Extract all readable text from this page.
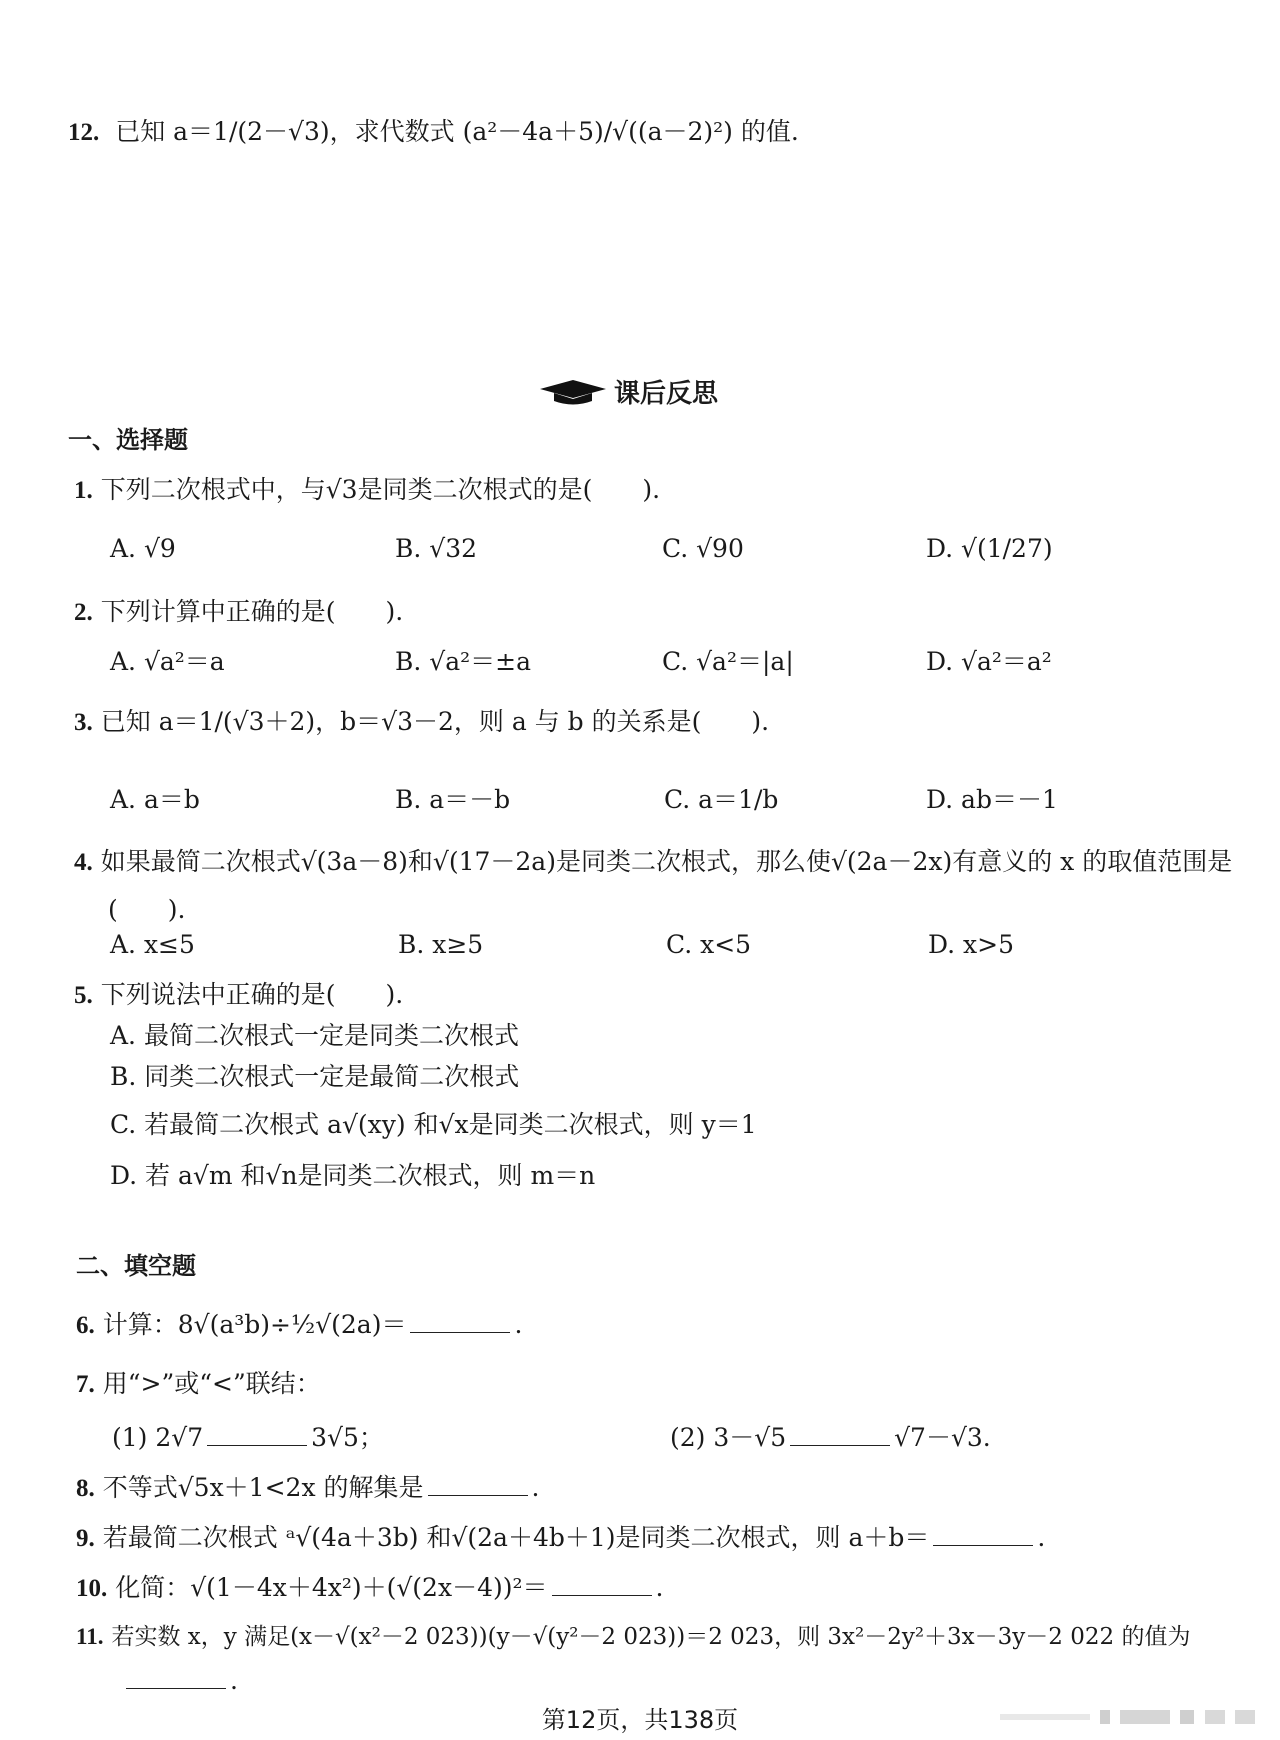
12. 已知 a＝1/(2－√3)，求代数式 (a²－4a＋5)/√((a－2)²) 的值.
课后反思
一、选择题
1. 下列二次根式中，与√3是同类二次根式的是(　　).
A. √9	B. √32	C. √90	D. √(1/27)
2. 下列计算中正确的是(　　).
A. √a²＝a	B. √a²＝±a	C. √a²＝|a|	D. √a²＝a²
3. 已知 a＝1/(√3＋2)，b＝√3－2，则 a 与 b 的关系是(　　).
A. a＝b	B. a＝－b	C. a＝1/b	D. ab＝－1
4. 如果最简二次根式√(3a－8)和√(17－2a)是同类二次根式，那么使√(2a－2x)有意义的 x 的取值范围是
(　　).
A. x≤5	B. x≥5	C. x<5	D. x>5
5. 下列说法中正确的是(　　).
A. 最简二次根式一定是同类二次根式
B. 同类二次根式一定是最简二次根式
C. 若最简二次根式 a√(xy) 和√x是同类二次根式，则 y＝1
D. 若 a√m 和√n是同类二次根式，则 m＝n
二、填空题
6. 计算：8√(a³b)÷½√(2a)＝	.
7. 用“>”或“<”联结：
(1) 2√7	3√5；	(2) 3－√5	√7－√3.
8. 不等式√5x＋1<2x 的解集是	.
9. 若最简二次根式 ᵃ√(4a＋3b) 和√(2a＋4b＋1)是同类二次根式，则 a＋b＝	.
10. 化简：√(1－4x＋4x²)＋(√(2x－4))²＝	.
11. 若实数 x，y 满足(x－√(x²－2 023))(y－√(y²－2 023))＝2 023，则 3x²－2y²＋3x－3y－2 022 的值为
.
第12页，共138页
